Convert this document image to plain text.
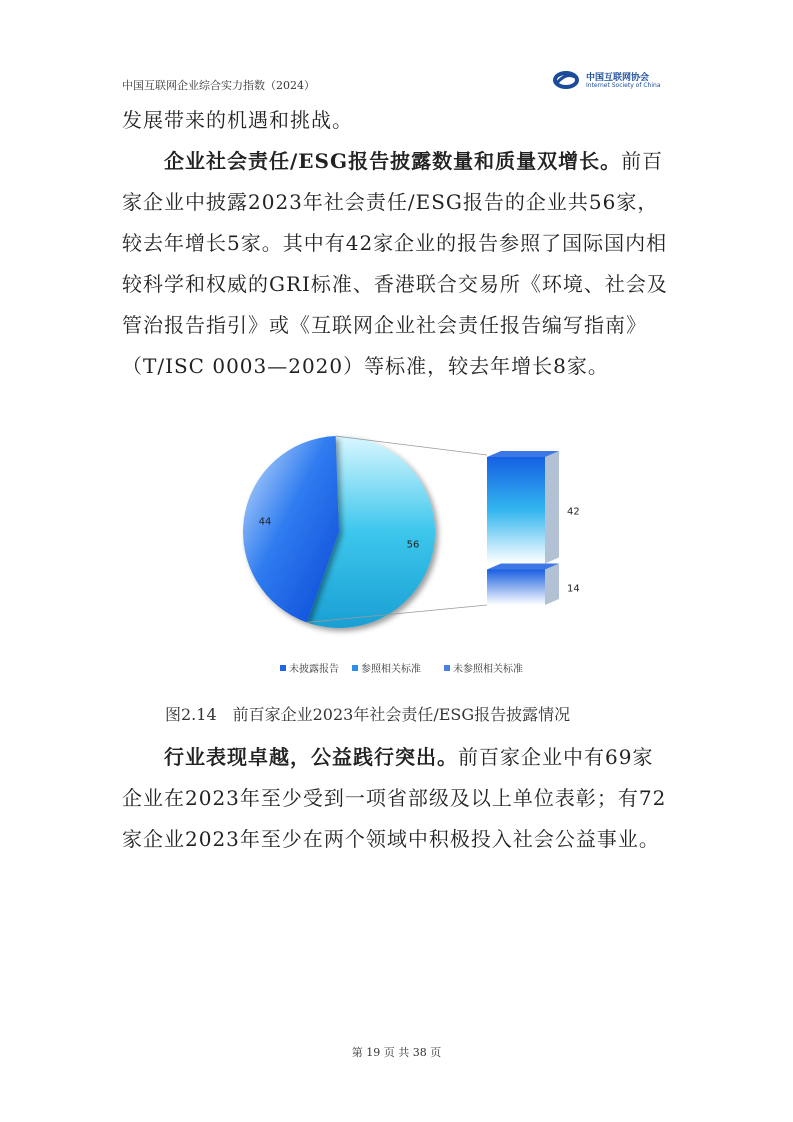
中国互联网企业综合实力指数（2024）
中国互联网协会
Internet Society of China

发展带来的机遇和挑战。

企业社会责任/ESG报告披露数量和质量双增长。前百家企业中披露2023年社会责任/ESG报告的企业共56家，较去年增长5家。其中有42家企业的报告参照了国际国内相较科学和权威的GRI标准、香港联合交易所《环境、社会及管治报告指引》或《互联网企业社会责任报告编写指南》（T/ISC 0003—2020）等标准，较去年增长8家。

56
44
42
14
未披露报告 参照相关标准	未参照相关标准
图2.14　前百家企业2023年社会责任/ESG报告披露情况

行业表现卓越，公益践行突出。前百家企业中有69家企业在2023年至少受到一项省部级及以上单位表彰；有72家企业2023年至少在两个领域中积极投入社会公益事业。

第 19 页 共 38 页
